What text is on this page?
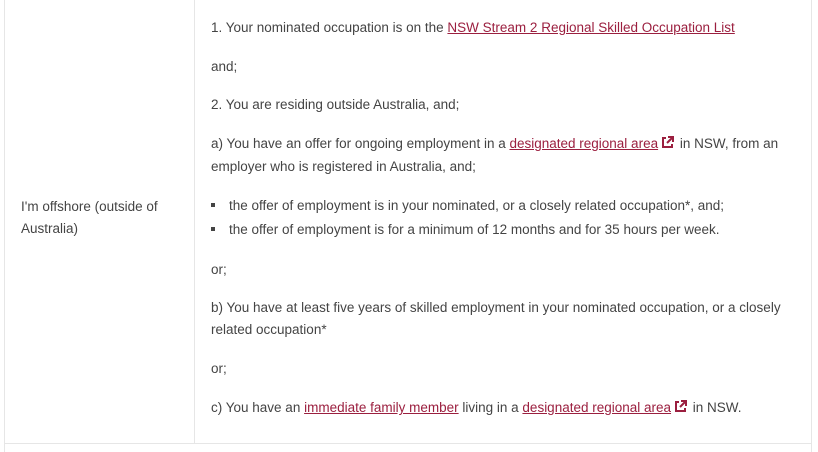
I'm offshore (outside of Australia)
1. Your nominated occupation is on the NSW Stream 2 Regional Skilled Occupation List
and;
2. You are residing outside Australia, and;
a) You have an offer for ongoing employment in a designated regional area in NSW, from an employer who is registered in Australia, and;
the offer of employment is in your nominated, or a closely related occupation*, and;
the offer of employment is for a minimum of 12 months and for 35 hours per week.
or;
b) You have at least five years of skilled employment in your nominated occupation, or a closely related occupation*
or;
c) You have an immediate family member living in a designated regional area in NSW.
